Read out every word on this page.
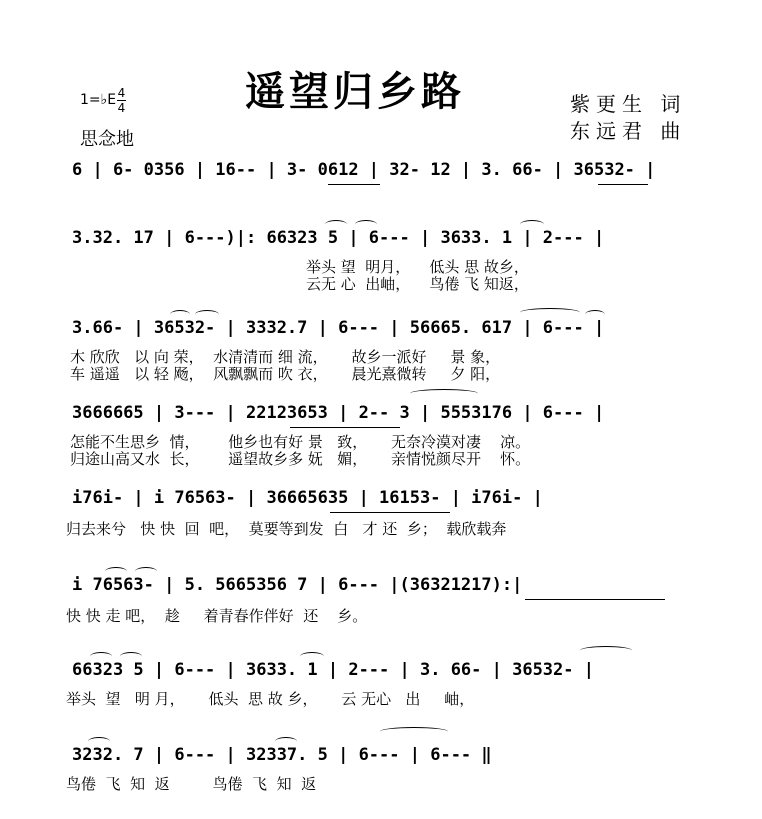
遥望归乡路	紫更生 词
东远君 曲
1=♭E 4
4
思念地
6 | 6- 0356 | 16-- | 3- 0612 | 32- 12 | 3. 66- | 36532- |
3.32. 17 | 6---)|: 66323 5 | 6--- | 3633. 1 | 2--- |
举头 望  明月，    低头 思 故乡，
云无 心  出岫，    鸟倦 飞 知返，
3.66- | 36532- | 3332.7 | 6--- | 56665. 617 | 6--- |
木 欣欣   以 向 荣，  水清清而 细 流，     故乡一派好     景 象，
车 遥遥   以 轻 飏，  风飘飘而 吹 衣，     晨光熹微转     夕 阳，
3666665 | 3--- | 22123653 | 2-- 3 | 5553176 | 6--- |
怎能不生思乡  情，      他乡也有好 景   致，     无奈冷漠对凄    凉。
归途山高又水  长，      遥望故乡多 妩   媚，     亲情悦颜尽开    怀。
i76i- | i 76563- | 36665635 | 16153- | i76i- |
归去来兮   快 快  回  吧，  莫要等到发  白   才 还  乡；  载欣载奔
i 76563- | 5. 5665356 7 | 6--- |(36321217):|
快 快 走 吧，  趁     着青春作伴好  还    乡。
66323 5 | 6--- | 3633. 1 | 2--- | 3. 66- | 36532- |
举头  望   明 月，     低头  思 故 乡，     云 无心   出     岫，
3232. 7 | 6--- | 32337. 5 | 6--- | 6--- ‖
鸟倦  飞  知  返         鸟倦  飞  知  返
